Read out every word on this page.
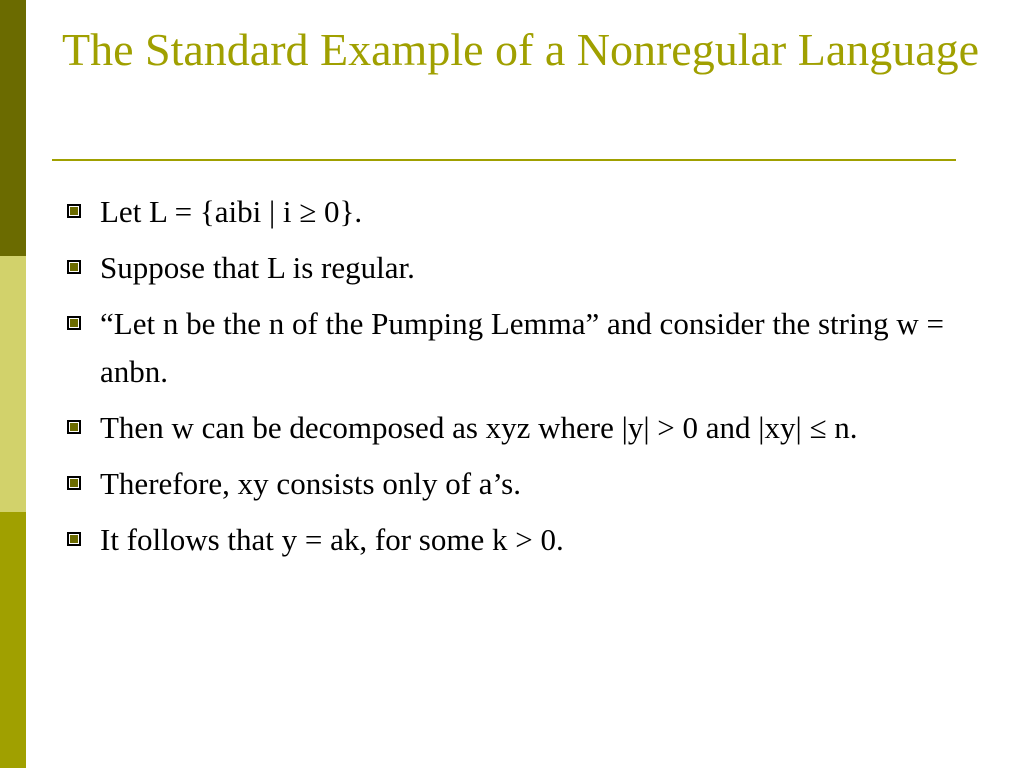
The Standard Example of a Nonregular Language
Let L = {aibi | i ≥ 0}.
Suppose that L is regular.
“Let n be the n of the Pumping Lemma” and consider the string w = anbn.
Then w can be decomposed as xyz where |y| > 0 and |xy| ≤ n.
Therefore, xy consists only of a’s.
It follows that y = ak, for some k > 0.
